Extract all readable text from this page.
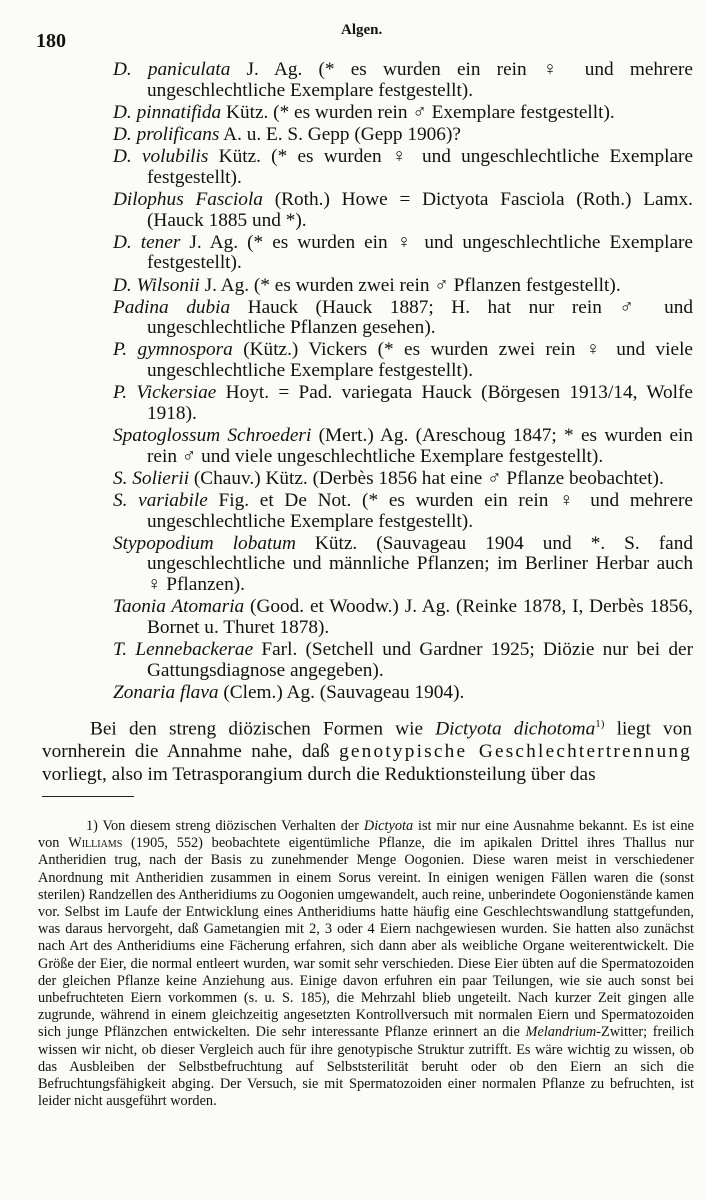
180	Algen.

D. paniculata J. Ag. (* es wurden ein rein ♀ und mehrere ungeschlechtliche Exemplare festgestellt).

D. pinnatifida Kütz. (* es wurden rein ♂ Exemplare festgestellt).

D. prolificans A. u. E. S. Gepp (Gepp 1906)?

D. volubilis Kütz. (* es wurden ♀ und ungeschlechtliche Exemplare festgestellt).

Dilophus Fasciola (Roth.) Howe = Dictyota Fasciola (Roth.) Lamx. (Hauck 1885 und *).

D. tener J. Ag. (* es wurden ein ♀ und ungeschlechtliche Exemplare festgestellt).

D. Wilsonii J. Ag. (* es wurden zwei rein ♂ Pflanzen festgestellt).

Padina dubia Hauck (Hauck 1887; H. hat nur rein ♂ und ungeschlechtliche Pflanzen gesehen).

P. gymnospora (Kütz.) Vickers (* es wurden zwei rein ♀ und viele ungeschlechtliche Exemplare festgestellt).

P. Vickersiae Hoyt. = Pad. variegata Hauck (Börgesen 1913/14, Wolfe 1918).

Spatoglossum Schroederi (Mert.) Ag. (Areschoug 1847; * es wurden ein rein ♂ und viele ungeschlechtliche Exemplare festgestellt).

S. Solierii (Chauv.) Kütz. (Derbès 1856 hat eine ♂ Pflanze beobachtet).

S. variabile Fig. et De Not. (* es wurden ein rein ♀ und mehrere ungeschlechtliche Exemplare festgestellt).

Stypopodium lobatum Kütz. (Sauvageau 1904 und *. S. fand ungeschlechtliche und männliche Pflanzen; im Berliner Herbar auch ♀ Pflanzen).

Taonia Atomaria (Good. et Woodw.) J. Ag. (Reinke 1878, I, Derbès 1856, Bornet u. Thuret 1878).

T. Lennebackerae Farl. (Setchell und Gardner 1925; Diözie nur bei der Gattungsdiagnose angegeben).

Zonaria flava (Clem.) Ag. (Sauvageau 1904).

Bei den streng diözischen Formen wie Dictyota dichotoma$^{1)}$ liegt von vornherein die Annahme nahe, daß genotypische Geschlechtertrennung vorliegt, also im Tetrasporangium durch die Reduktionsteilung über das

1) Von diesem streng diözischen Verhalten der Dictyota ist mir nur eine Ausnahme bekannt. Es ist eine von Williams (1905, 552) beobachtete eigentümliche Pflanze, die im apikalen Drittel ihres Thallus nur Antheridien trug, nach der Basis zu zunehmender Menge Oogonien. Diese waren meist in verschiedener Anordnung mit Antheridien zusammen in einem Sorus vereint. In einigen wenigen Fällen waren die (sonst sterilen) Randzellen des Antheridiums zu Oogonien umgewandelt, auch reine, unberindete Oogonienstände kamen vor. Selbst im Laufe der Entwicklung eines Antheridiums hatte häufig eine Geschlechtswandlung stattgefunden, was daraus hervorgeht, daß Gametangien mit 2, 3 oder 4 Eiern nachgewiesen wurden. Sie hatten also zunächst nach Art des Antheridiums eine Fächerung erfahren, sich dann aber als weibliche Organe weiterentwickelt. Die Größe der Eier, die normal entleert wurden, war somit sehr verschieden. Diese Eier übten auf die Spermatozoiden der gleichen Pflanze keine Anziehung aus. Einige davon erfuhren ein paar Teilungen, wie sie auch sonst bei unbefruchteten Eiern vorkommen (s. u. S. 185), die Mehrzahl blieb ungeteilt. Nach kurzer Zeit gingen alle zugrunde, während in einem gleichzeitig angesetzten Kontrollversuch mit normalen Eiern und Spermatozoiden sich junge Pflänzchen entwickelten. Die sehr interessante Pflanze erinnert an die Melandrium-Zwitter; freilich wissen wir nicht, ob dieser Vergleich auch für ihre genotypische Struktur zutrifft. Es wäre wichtig zu wissen, ob das Ausbleiben der Selbstbefruchtung auf Selbststerilität beruht oder ob den Eiern an sich die Befruchtungsfähigkeit abging. Der Versuch, sie mit Spermatozoiden einer normalen Pflanze zu befruchten, ist leider nicht ausgeführt worden.
